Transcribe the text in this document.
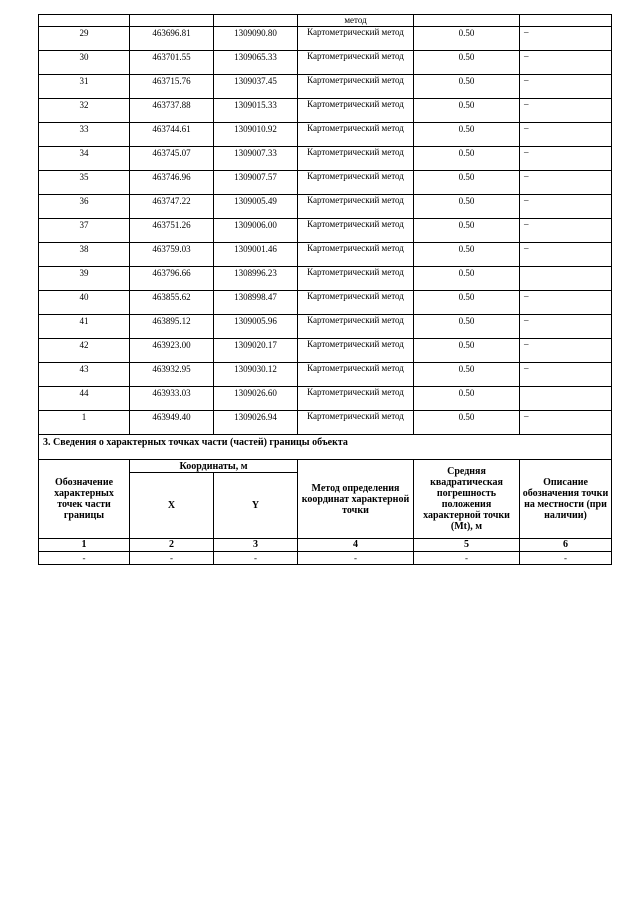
			метод		
29	463696.81	1309090.80	Картометрический метод	0.50	–
30	463701.55	1309065.33	Картометрический метод	0.50	–
31	463715.76	1309037.45	Картометрический метод	0.50	–
32	463737.88	1309015.33	Картометрический метод	0.50	–
33	463744.61	1309010.92	Картометрический метод	0.50	–
34	463745.07	1309007.33	Картометрический метод	0.50	–
35	463746.96	1309007.57	Картометрический метод	0.50	–
36	463747.22	1309005.49	Картометрический метод	0.50	–
37	463751.26	1309006.00	Картометрический метод	0.50	–
38	463759.03	1309001.46	Картометрический метод	0.50	–
39	463796.66	1308996.23	Картометрический метод	0.50	
40	463855.62	1308998.47	Картометрический метод	0.50	–
41	463895.12	1309005.96	Картометрический метод	0.50	–
42	463923.00	1309020.17	Картометрический метод	0.50	–
43	463932.95	1309030.12	Картометрический метод	0.50	–
44	463933.03	1309026.60	Картометрический метод	0.50	
1	463949.40	1309026.94	Картометрический метод	0.50	–
3. Сведения о характерных точках части (частей) границы объекта					
Обозначение характерных точек части границы	Координаты, м		Метод определения координат характерной точки	Средняя квадратическая погрешность положения характерной точки (Mt), м	Описание обозначения точки на местности (при наличии)
	X	Y			
1	2	3	4	5	6
-	-	-	-	-	-
